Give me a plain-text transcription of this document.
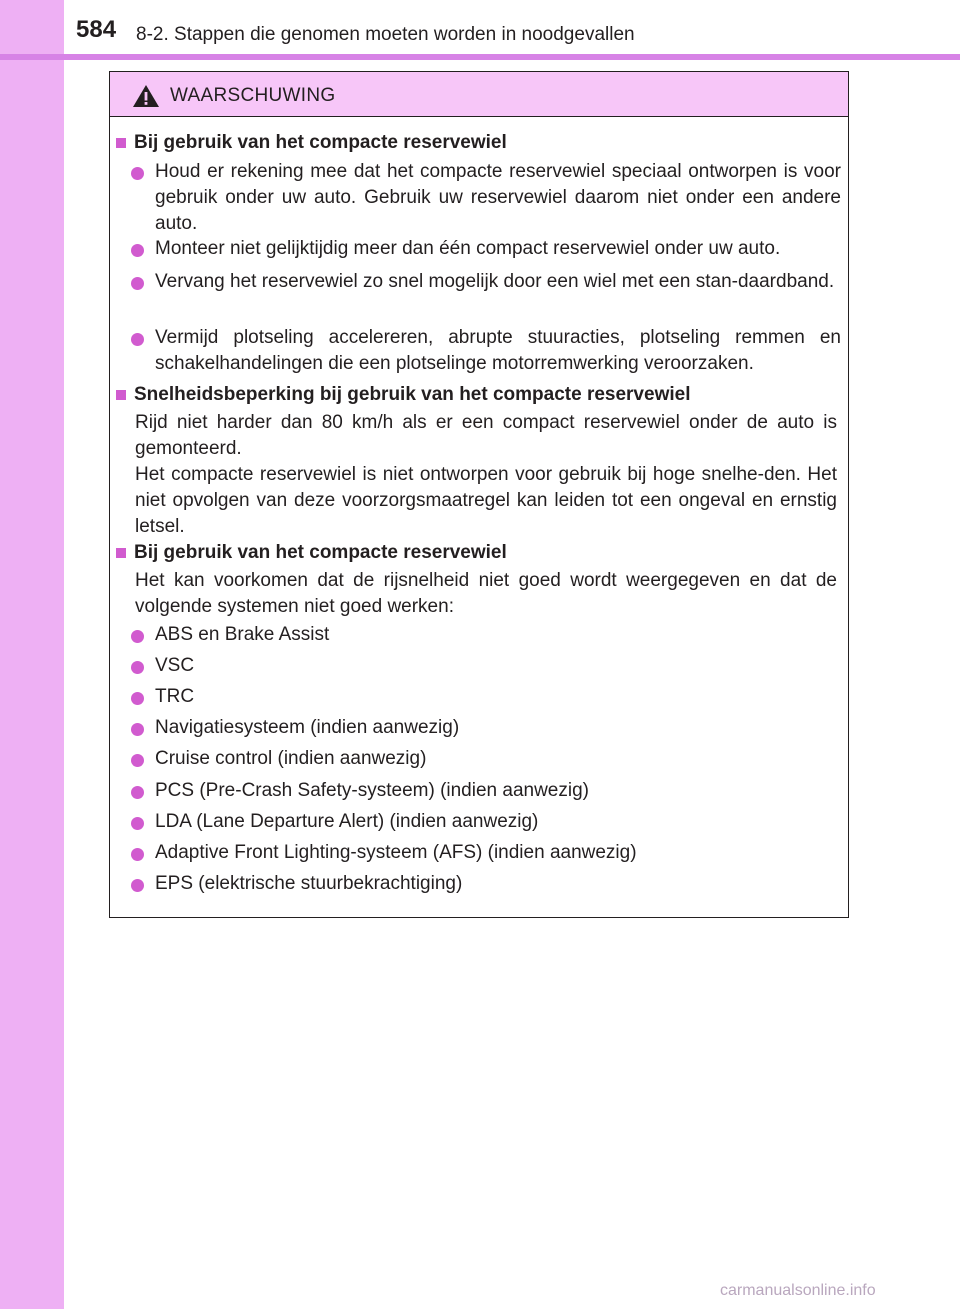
584 8-2. Stappen die genomen moeten worden in noodgevallen
WAARSCHUWING
Bij gebruik van het compacte reservewiel
Houd er rekening mee dat het compacte reservewiel speciaal ontworpen is voor gebruik onder uw auto. Gebruik uw reservewiel daarom niet onder een andere auto.
Monteer niet gelijktijdig meer dan één compact reservewiel onder uw auto.
Vervang het reservewiel zo snel mogelijk door een wiel met een stan-daardband.
Vermijd plotseling accelereren, abrupte stuuracties, plotseling remmen en schakelhandelingen die een plotselinge motorremwerking veroorzaken.
Snelheidsbeperking bij gebruik van het compacte reservewiel
Rijd niet harder dan 80 km/h als er een compact reservewiel onder de auto is gemonteerd.
Het compacte reservewiel is niet ontworpen voor gebruik bij hoge snelhe-den. Het niet opvolgen van deze voorzorgsmaatregel kan leiden tot een ongeval en ernstig letsel.
Bij gebruik van het compacte reservewiel
Het kan voorkomen dat de rijsnelheid niet goed wordt weergegeven en dat de volgende systemen niet goed werken:
ABS en Brake Assist
VSC
TRC
Navigatiesysteem (indien aanwezig)
Cruise control (indien aanwezig)
PCS (Pre-Crash Safety-systeem) (indien aanwezig)
LDA (Lane Departure Alert) (indien aanwezig)
Adaptive Front Lighting-systeem (AFS) (indien aanwezig)
EPS (elektrische stuurbekrachtiging)
carmanualsonline.info
